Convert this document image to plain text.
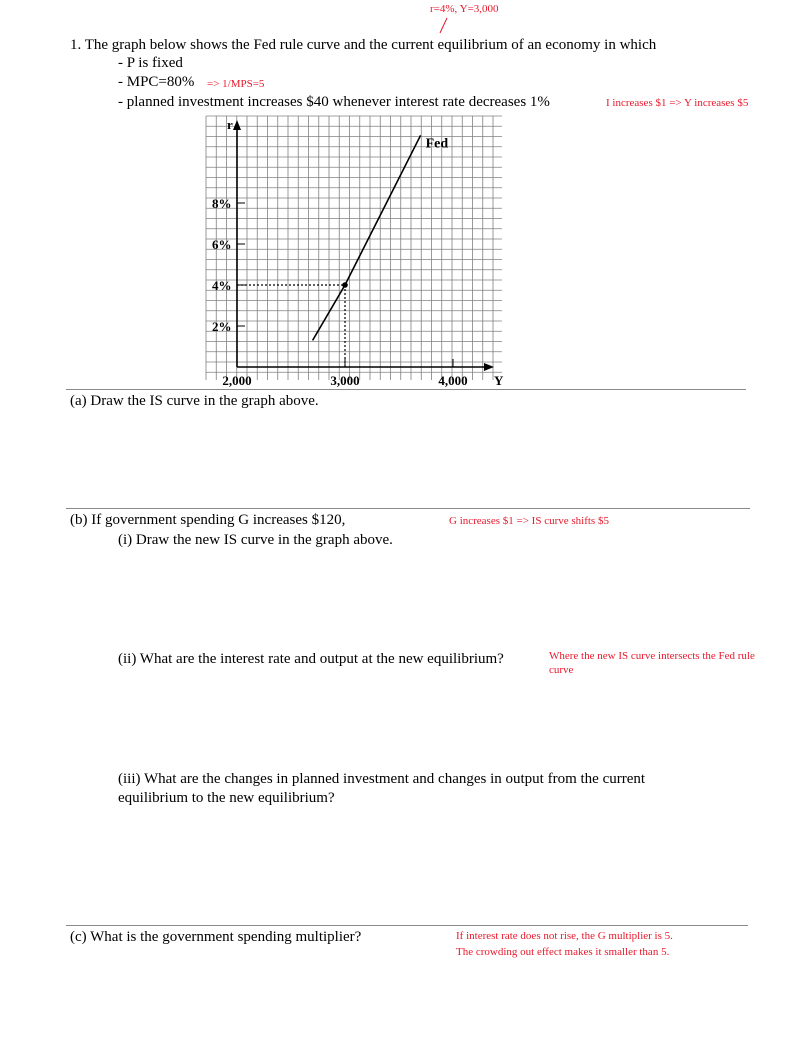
r=4%, Y=3,000
1. The graph below shows the Fed rule curve and the current equilibrium of an economy in which
- P is fixed
- MPC=80% => 1/MPS=5
- planned investment increases $40 whenever interest rate decreases 1%	I increases $1 => Y increases $5
r
Y
2%
4%
6%
8%
2,000	3,000	4,000
Fed
(a) Draw the IS curve in the graph above.
(b) If government spending G increases $120,	G increases $1 => IS curve shifts $5
(i) Draw the new IS curve in the graph above.
(ii) What are the interest rate and output at the new equilibrium?	Where the new IS curve intersects the Fed rule
curve
(iii) What are the changes in planned investment and changes in output from the current
equilibrium to the new equilibrium?
(c) What is the government spending multiplier?	If interest rate does not rise, the G multiplier is 5.
The crowding out effect makes it smaller than 5.
